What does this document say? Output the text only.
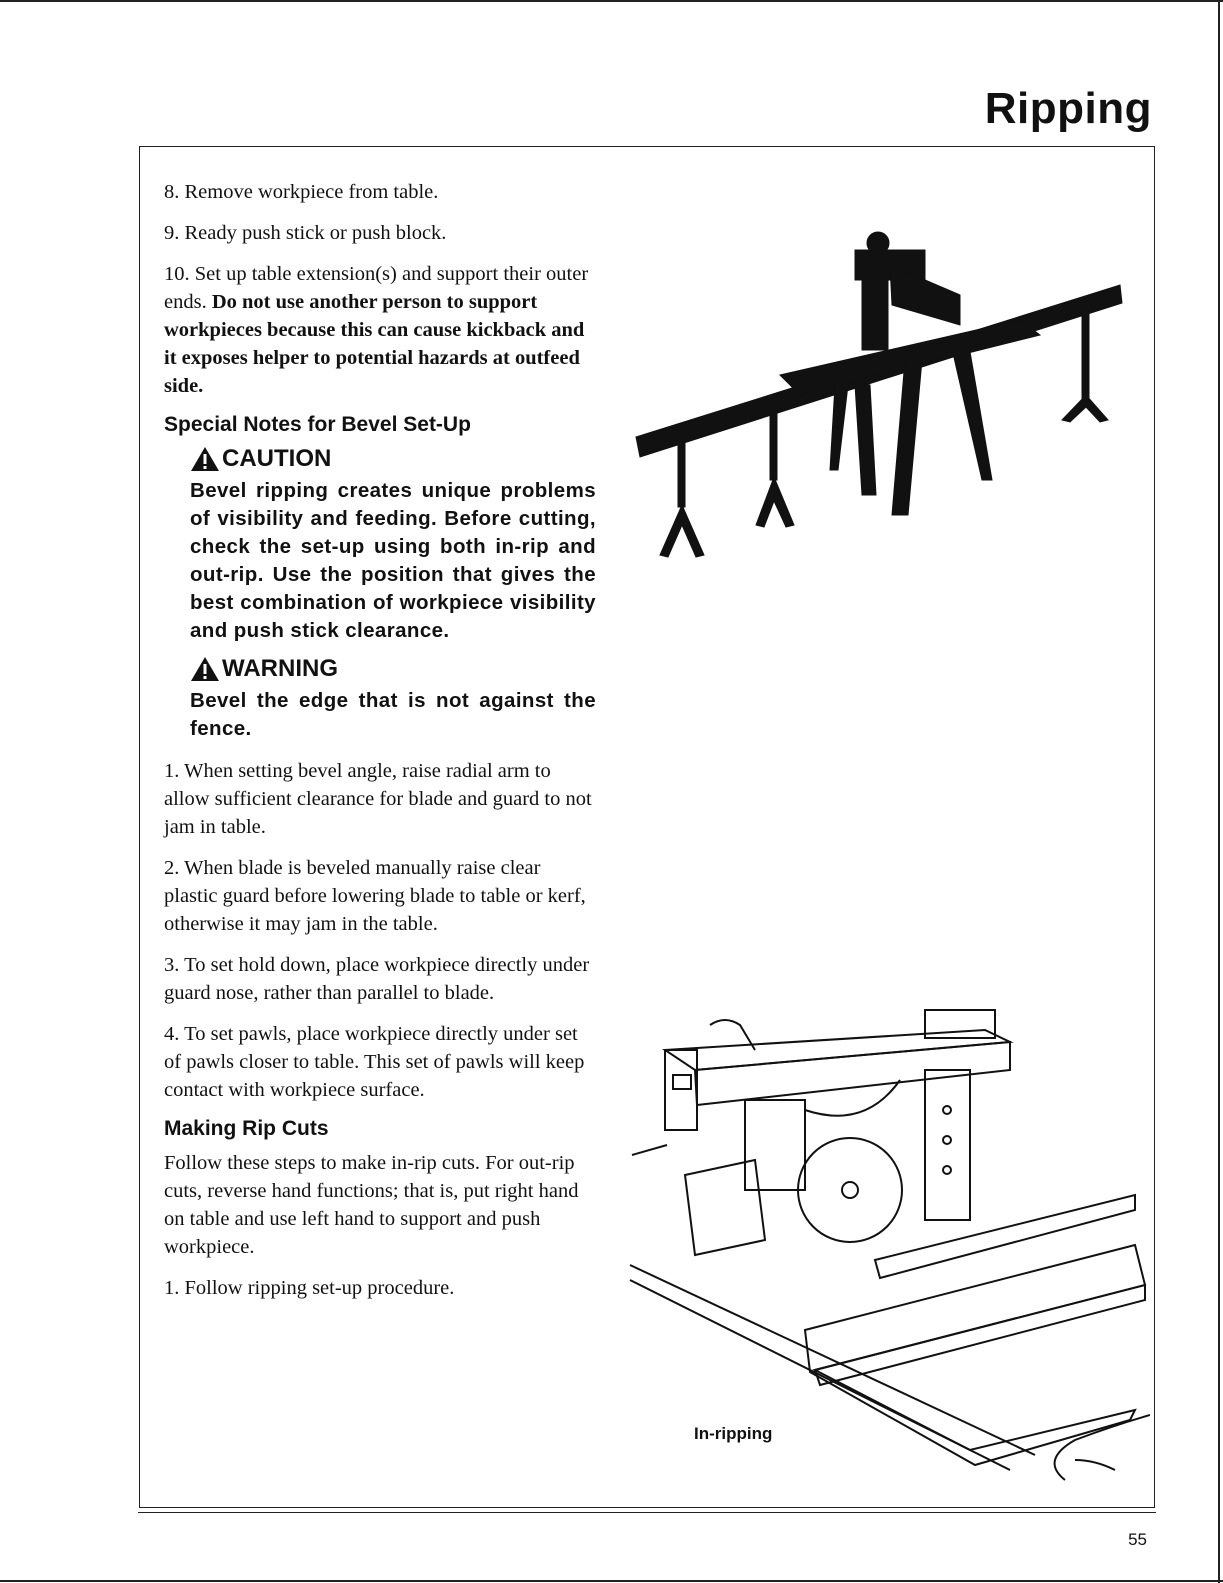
Ripping

8. Remove workpiece from table.

9. Ready push stick or push block.

10. Set up table extension(s) and support their outer ends. Do not use another person to support workpieces because this can cause kickback and it exposes helper to potential hazards at outfeed side.

Special Notes for Bevel Set-Up
CAUTION

Bevel ripping creates unique problems of visibility and feeding. Before cutting, check the set-up using both in-rip and out-rip. Use the position that gives the best combination of workpiece visibility and push stick clearance.

WARNING

Bevel the edge that is not against the fence.

1. When setting bevel angle, raise radial arm to allow sufficient clearance for blade and guard to not jam in table.

2. When blade is beveled manually raise clear plastic guard before lowering blade to table or kerf, otherwise it may jam in the table.

3. To set hold down, place workpiece directly under guard nose, rather than parallel to blade.

4. To set pawls, place workpiece directly under set of pawls closer to table. This set of pawls will keep contact with workpiece surface.

Making Rip Cuts

Follow these steps to make in-rip cuts. For out-rip cuts, reverse hand functions; that is, put right hand on table and use left hand to support and push workpiece.

1. Follow ripping set-up procedure.

In-ripping
55
